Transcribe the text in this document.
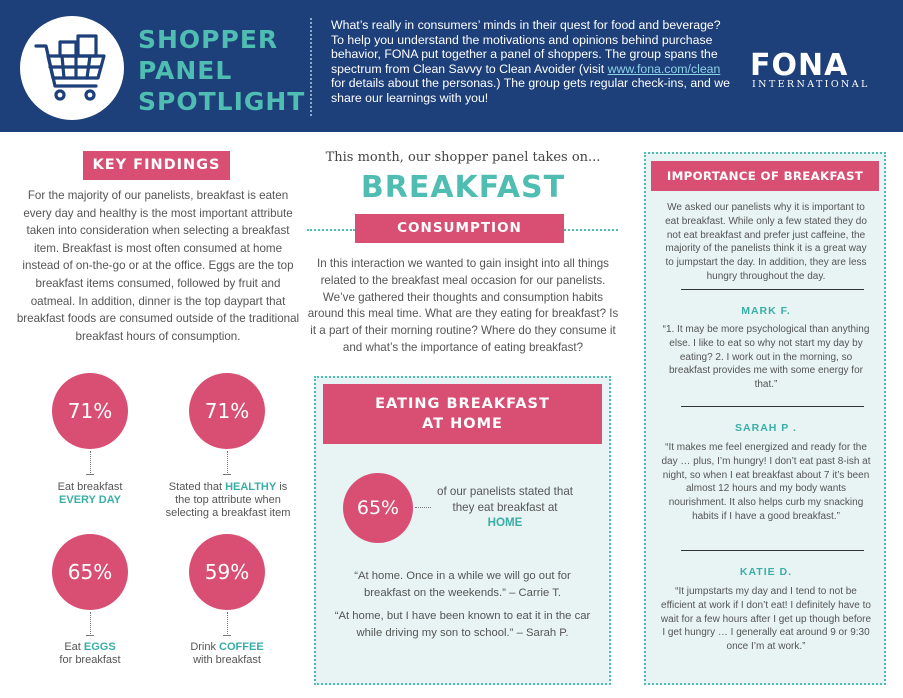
SHOPPER
PANEL
SPOTLIGHT
What’s really in consumers’ minds in their quest for food and beverage? To help you understand the motivations and opinions behind purchase behavior, FONA put together a panel of shoppers. The group spans the spectrum from Clean Savvy to Clean Avoider (visit www.fona.com/clean for details about the personas.) The group gets regular check-ins, and we share our learnings with you!
FONA
INTERNATIONAL
KEY FINDINGS
For the majority of our panelists, breakfast is eaten every day and healthy is the most important attribute taken into consideration when selecting a breakfast item. Breakfast is most often consumed at home instead of on-the-go or at the office. Eggs are the top breakfast items consumed, followed by fruit and oatmeal. In addition, dinner is the top daypart that breakfast foods are consumed outside of the traditional breakfast hours of consumption.
71%
Eat breakfast
EVERY DAY
71%
Stated that HEALTHY is
the top attribute when
selecting a breakfast item
65%
Eat EGGS
for breakfast
59%
Drink COFFEE
with breakfast
This month, our shopper panel takes on...
BREAKFAST
CONSUMPTION
In this interaction we wanted to gain insight into all things related to the breakfast meal occasion for our panelists. We’ve gathered their thoughts and consumption habits around this meal time. What are they eating for breakfast? Is it a part of their morning routine? Where do they consume it and what’s the importance of eating breakfast?
EATING BREAKFAST
AT HOME
65%
of our panelists stated that they eat breakfast at
HOME
“At home. Once in a while we will go out for breakfast on the weekends.” – Carrie T.
“At home, but I have been known to eat it in the car while driving my son to school.” – Sarah P.
IMPORTANCE OF BREAKFAST
We asked our panelists why it is important to eat breakfast. While only a few stated they do not eat breakfast and prefer just caffeine, the majority of the panelists think it is a great way to jumpstart the day. In addition, they are less hungry throughout the day.
MARK F.
“1. It may be more psychological than anything else. I like to eat so why not start my day by eating? 2. I work out in the morning, so breakfast provides me with some energy for that.”
SARAH P .
“It makes me feel energized and ready for the day … plus, I’m hungry! I don’t eat past 8-ish at night, so when I eat breakfast about 7 it’s been almost 12 hours and my body wants nourishment. It also helps curb my snacking habits if I have a good breakfast.”
KATIE D.
“It jumpstarts my day and I tend to not be efficient at work if I don’t eat! I definitely have to wait for a few hours after I get up though before I get hungry … I generally eat around 9 or 9:30 once I’m at work.”
